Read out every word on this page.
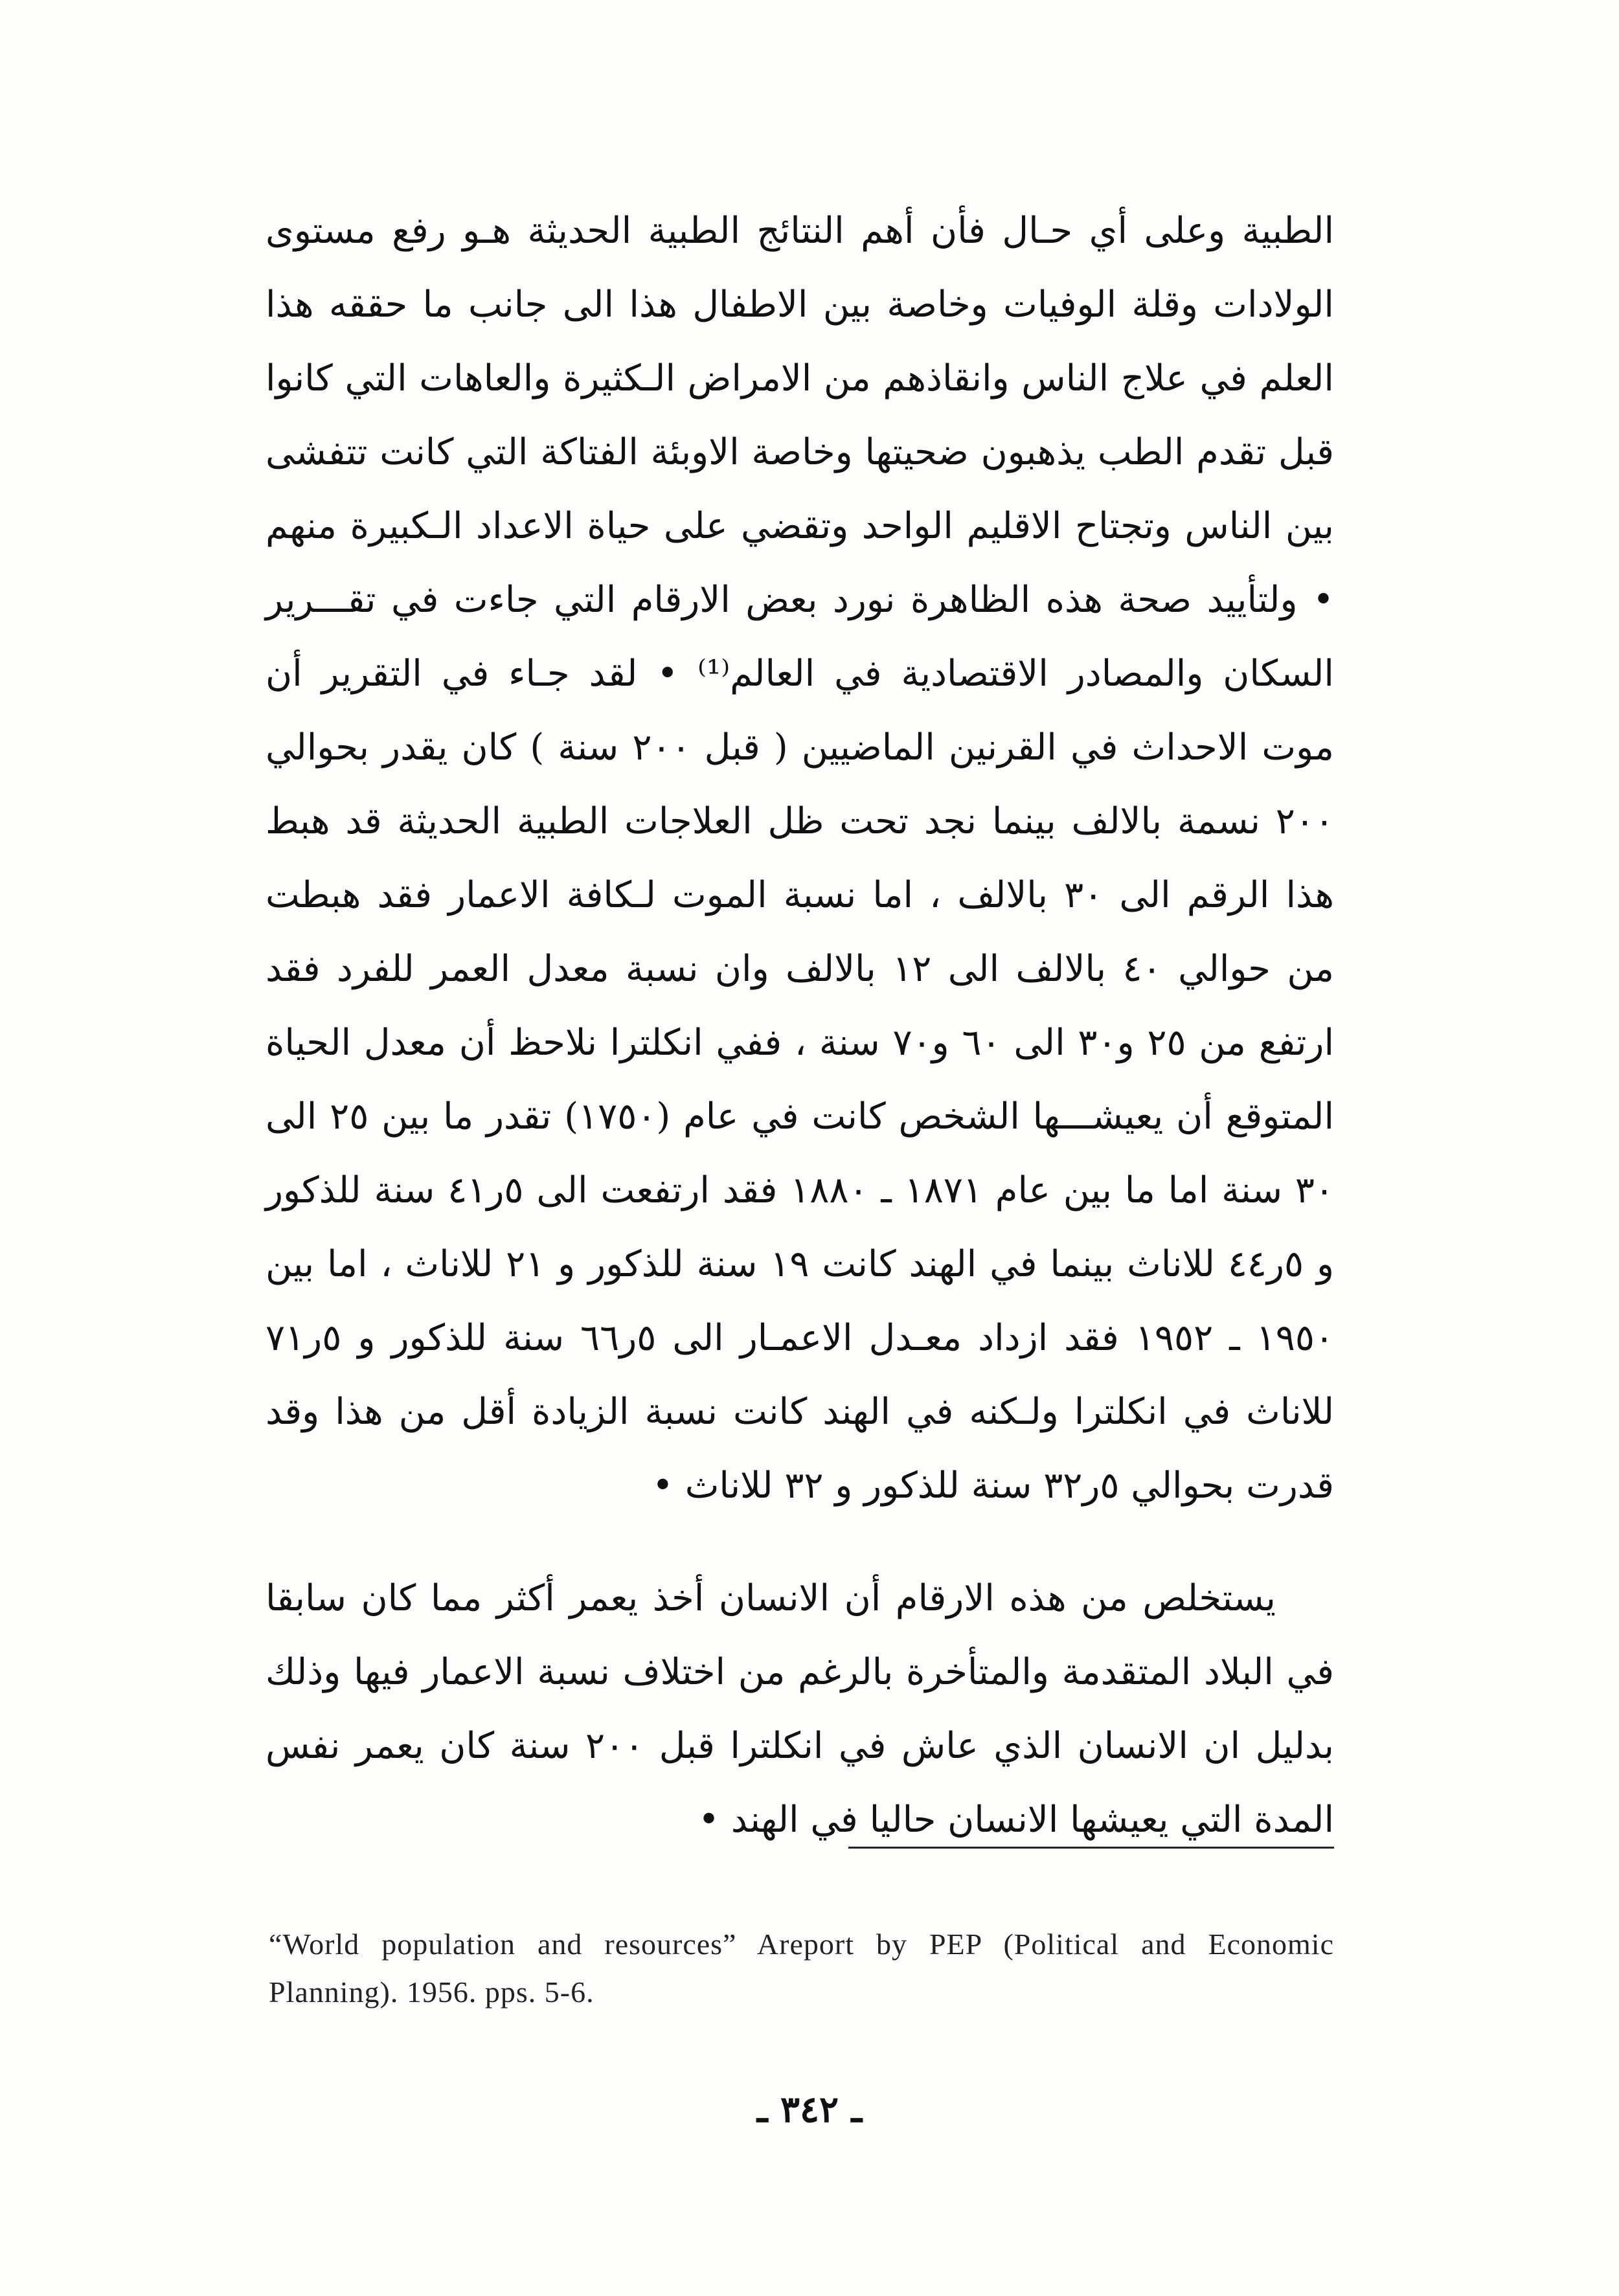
الطبية وعلى أي حـال فأن أهم النتائج الطبية الحديثة هـو رفع مستوى الولادات وقلة الوفيات وخاصة بين الاطفال هذا الى جانب ما حققه هذا العلم في علاج الناس وانقاذهم من الامراض الـكثيرة والعاهات التي كانوا قبل تقدم الطب يذهبون ضحيتها وخاصة الاوبئة الفتاكة التي كانت تتفشى بين الناس وتجتاح الاقليم الواحد وتقضي على حياة الاعداد الـكبيرة منهم • ولتأييد صحة هذه الظاهرة نورد بعض الارقام التي جاءت في تقـــرير السكان والمصادر الاقتصادية في العالم⁽¹⁾ • لقد جـاء في التقرير أن موت الاحداث في القرنين الماضيين ( قبل ٢٠٠ سنة ) كان يقدر بحوالي ٢٠٠ نسمة بالالف بينما نجد تحت ظل العلاجات الطبية الحديثة قد هبط هذا الرقم الى ٣٠ بالالف ، اما نسبة الموت لـكافة الاعمار فقد هبطت من حوالي ٤٠ بالالف الى ١٢ بالالف وان نسبة معدل العمر للفرد فقد ارتفع من ٢٥ و٣٠ الى ٦٠ و٧٠ سنة ، ففي انكلترا نلاحظ أن معدل الحياة المتوقع أن يعيشـــها الشخص كانت في عام (١٧٥٠) تقدر ما بين ٢٥ الى ٣٠ سنة اما ما بين عام ١٨٧١ ـ ١٨٨٠ فقد ارتفعت الى ٥ر٤١ سنة للذكور و ٥ر٤٤ للاناث بينما في الهند كانت ١٩ سنة للذكور و ٢١ للاناث ، اما بين ١٩٥٠ ـ ١٩٥٢ فقد ازداد معـدل الاعمـار الى ٥ر٦٦ سنة للذكور و ٥ر٧١ للاناث في انكلترا ولـكنه في الهند كانت نسبة الزيادة أقل من هذا وقد قدرت بحوالي ٥ر٣٢ سنة للذكور و ٣٢ للاناث •

يستخلص من هذه الارقام أن الانسان أخذ يعمر أكثر مما كان سابقا في البلاد المتقدمة والمتأخرة بالرغم من اختلاف نسبة الاعمار فيها وذلك بدليل ان الانسان الذي عاش في انكلترا قبل ٢٠٠ سنة كان يعمر نفس المدة التي يعيشها الانسان حاليا في الهند •

“World population and resources” Areport by PEP (Political and Economic Planning). 1956. pps. 5-6.

ـ ٣٤٢ ـ
